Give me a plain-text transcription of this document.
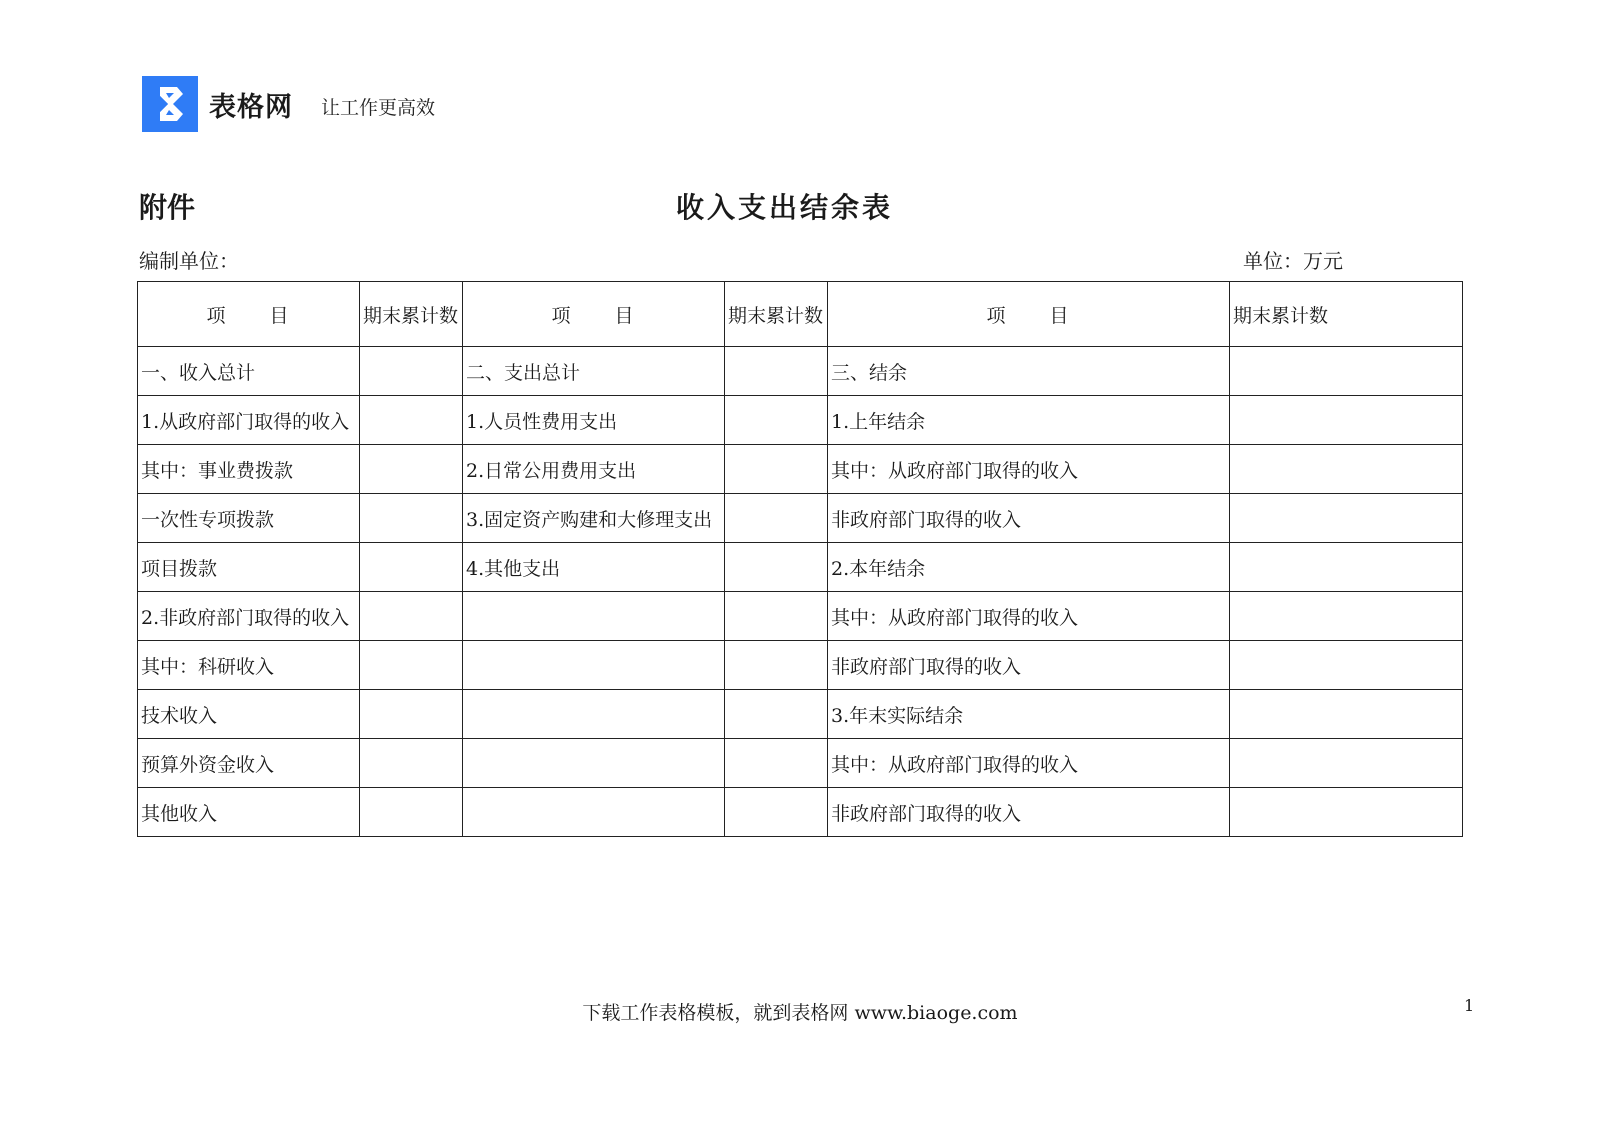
表格网 让工作更高效
附件	收入支出结余表
编制单位：	单位：万元
项　　目	期末累计数	项　　目	期末累计数	项　　目	期末累计数
一、收入总计		二、支出总计		三、结余	
1.从政府部门取得的收入		1.人员性费用支出		1.上年结余	
其中：事业费拨款		2.日常公用费用支出		其中：从政府部门取得的收入	
一次性专项拨款		3.固定资产购建和大修理支出		非政府部门取得的收入	
项目拨款		4.其他支出		2.本年结余	
2.非政府部门取得的收入				其中：从政府部门取得的收入	
其中：科研收入				非政府部门取得的收入	
技术收入				3.年末实际结余	
预算外资金收入				其中：从政府部门取得的收入	
其他收入				非政府部门取得的收入	
下载工作表格模板，就到表格网 www.biaoge.com	1
